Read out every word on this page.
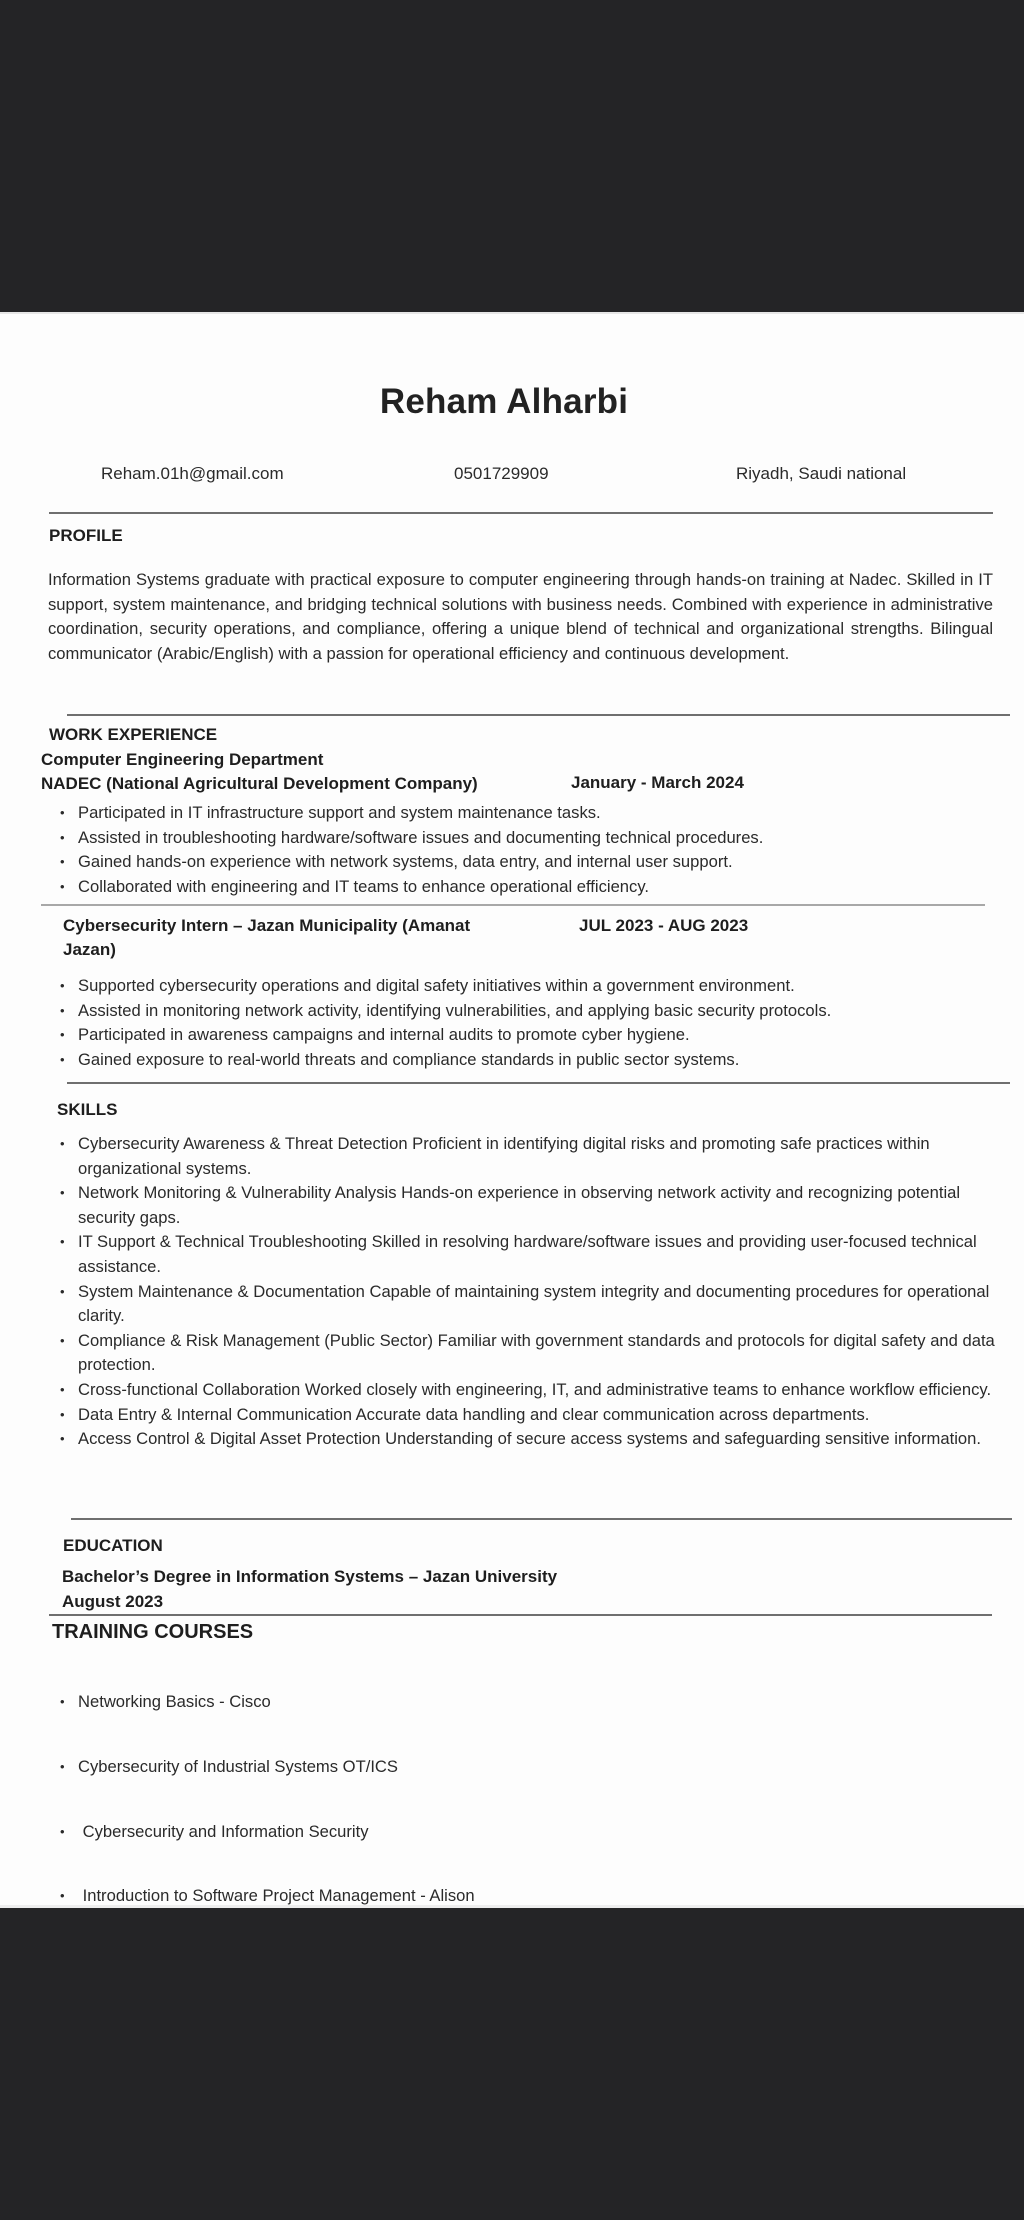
Reham Alharbi
Reham.01h@gmail.com	0501729909	Riyadh, Saudi national
PROFILE
Information Systems graduate with practical exposure to computer engineering through hands-on training at Nadec. Skilled in IT support, system maintenance, and bridging technical solutions with business needs. Combined with experience in administrative coordination, security operations, and compliance, offering a unique blend of technical and organizational strengths. Bilingual communicator (Arabic/English) with a passion for operational efficiency and continuous development.
WORK EXPERIENCE
Computer Engineering Department
NADEC (National Agricultural Development Company)	January - March 2024
• Participated in IT infrastructure support and system maintenance tasks.
• Assisted in troubleshooting hardware/software issues and documenting technical procedures.
• Gained hands-on experience with network systems, data entry, and internal user support.
• Collaborated with engineering and IT teams to enhance operational efficiency.
Cybersecurity Intern – Jazan Municipality (Amanat
Jazan)
JUL 2023 - AUG 2023
• Supported cybersecurity operations and digital safety initiatives within a government environment.
• Assisted in monitoring network activity, identifying vulnerabilities, and applying basic security protocols.
• Participated in awareness campaigns and internal audits to promote cyber hygiene.
• Gained exposure to real-world threats and compliance standards in public sector systems.
SKILLS
• Cybersecurity Awareness & Threat Detection Proficient in identifying digital risks and promoting safe practices within organizational systems.
• Network Monitoring & Vulnerability Analysis Hands-on experience in observing network activity and recognizing potential security gaps.
• IT Support & Technical Troubleshooting Skilled in resolving hardware/software issues and providing user-focused technical assistance.
• System Maintenance & Documentation Capable of maintaining system integrity and documenting procedures for operational clarity.
• Compliance & Risk Management (Public Sector) Familiar with government standards and protocols for digital safety and data protection.
• Cross-functional Collaboration Worked closely with engineering, IT, and administrative teams to enhance workflow efficiency.
• Data Entry & Internal Communication Accurate data handling and clear communication across departments.
• Access Control & Digital Asset Protection Understanding of secure access systems and safeguarding sensitive information.
EDUCATION
Bachelor’s Degree in Information Systems – Jazan University
August 2023
TRAINING COURSES

• Networking Basics - Cisco

• Cybersecurity of Industrial Systems OT/ICS

•  Cybersecurity and Information Security

•  Introduction to Software Project Management - Alison

•

•

•

•
